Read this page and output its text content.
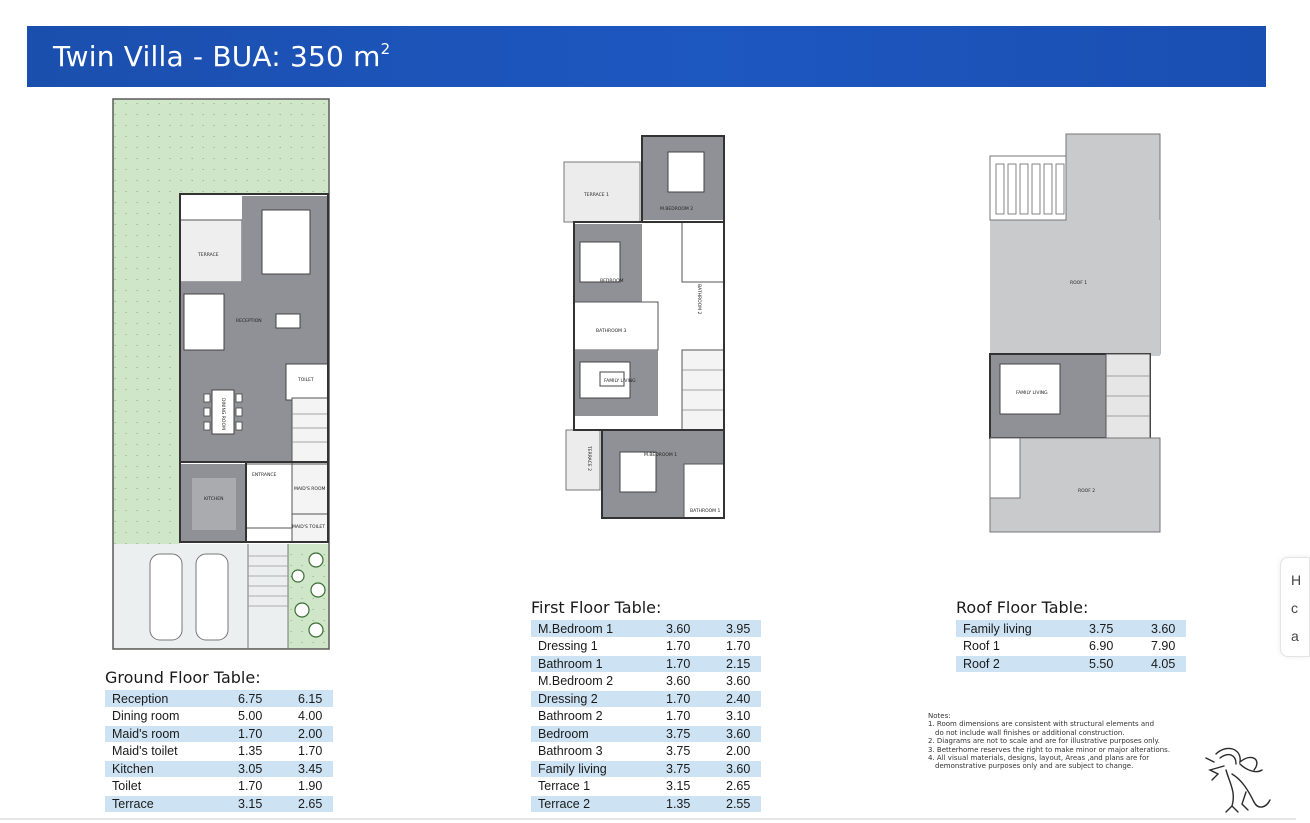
Twin Villa - BUA: 350 $m^2$
TERRACE
RECEPTION
DINING ROOM
TOILET
ENTRANCE
KITCHEN
MAID'S ROOM
MAID'S TOILET
TERRACE 1
M.BEDROOM 2
BEDROOM
BATHROOM 3
FAMILY LIVING
TERRACE 2	M.BEDROOM 1
BATHROOM 1
BATHROOM 2
ROOF 1
FAMILY LIVING
ROOF 2
Ground Floor Table:
Reception	6.75	6.15
Dining room	5.00	4.00
Maid's room	1.70	2.00
Maid's toilet	1.35	1.70
Kitchen	3.05	3.45
Toilet	1.70	1.90
Terrace	3.15	2.65
First Floor Table:
M.Bedroom 1	3.60	3.95
Dressing 1	1.70	1.70
Bathroom 1	1.70	2.15
M.Bedroom 2	3.60	3.60
Dressing 2	1.70	2.40
Bathroom 2	1.70	3.10
Bedroom	3.75	3.60
Bathroom 3	3.75	2.00
Family living	3.75	3.60
Terrace 1	3.15	2.65
Terrace 2	1.35	2.55
Roof Floor Table:
Family living	3.75	3.60
Roof 1	6.90	7.90
Roof 2	5.50	4.05

Notes:

1. Room dimensions are consistent with structural elements and

do not include wall finishes or additional construction.

2. Diagrams are not to scale and are for illustrative purposes only.

3. Betterhome reserves the right to make minor or major alterations.

4. All visual materials, designs, layout, Areas ,and plans are for

demonstrative purposes only and are subject to change.

H
c
a
